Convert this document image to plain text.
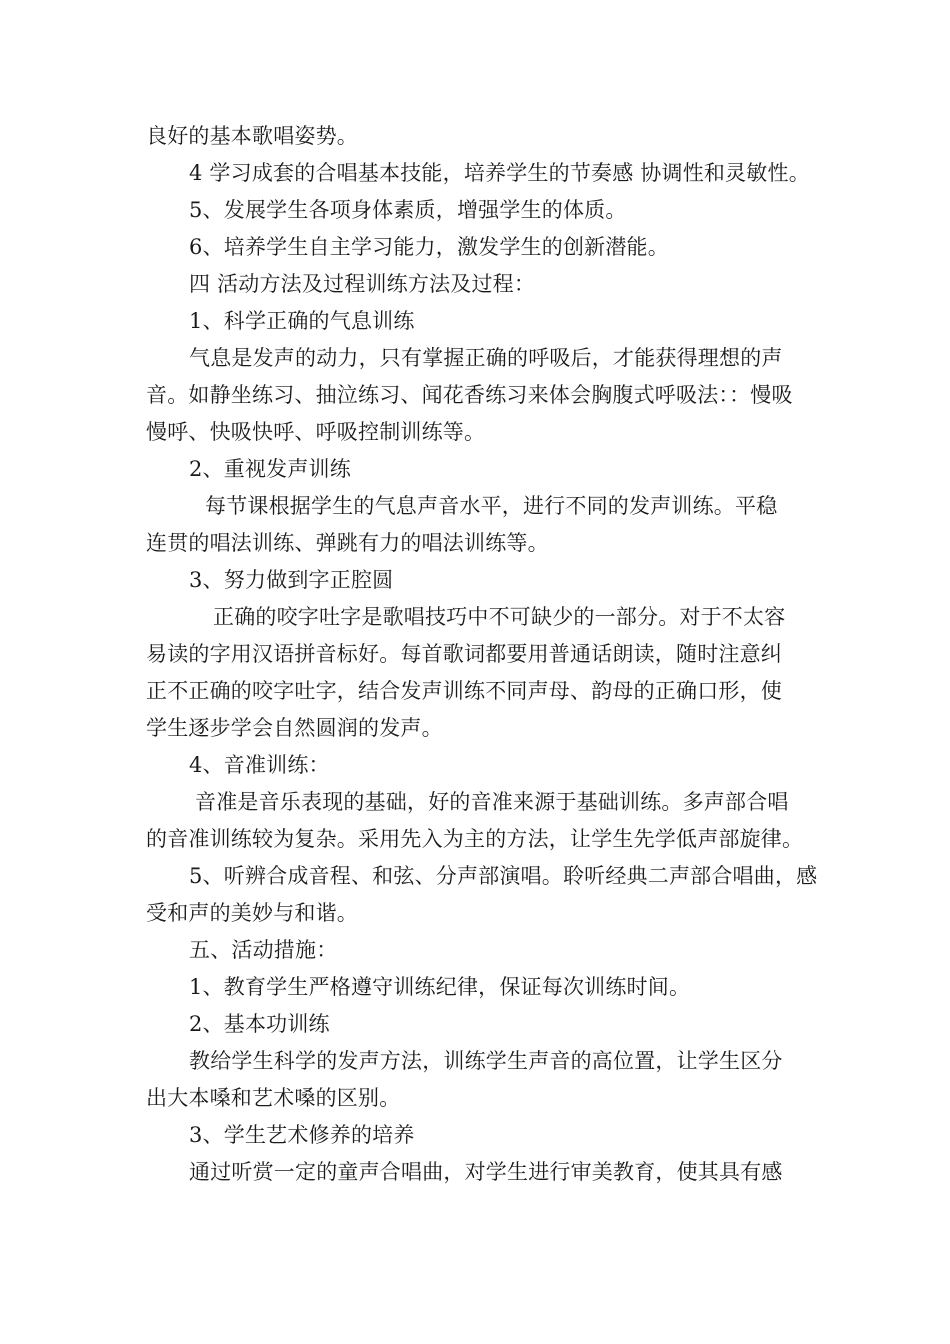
良好的基本歌唱姿势。
4 学习成套的合唱基本技能，培养学生的节奏感 协调性和灵敏性。
5、发展学生各项身体素质，增强学生的体质。
6、培养学生自主学习能力，激发学生的创新潜能。
四 活动方法及过程训练方法及过程：
1、科学正确的气息训练
气息是发声的动力，只有掌握正确的呼吸后，才能获得理想的声
音。如静坐练习、抽泣练习、闻花香练习来体会胸腹式呼吸法：：慢吸
慢呼、快吸快呼、呼吸控制训练等。
2、重视发声训练
每节课根据学生的气息声音水平，进行不同的发声训练。平稳
连贯的唱法训练、弹跳有力的唱法训练等。
3、努力做到字正腔圆
正确的咬字吐字是歌唱技巧中不可缺少的一部分。对于不太容
易读的字用汉语拼音标好。每首歌词都要用普通话朗读，随时注意纠
正不正确的咬字吐字，结合发声训练不同声母、韵母的正确口形，使
学生逐步学会自然圆润的发声。
4、音准训练：
音准是音乐表现的基础，好的音准来源于基础训练。多声部合唱
的音准训练较为复杂。采用先入为主的方法，让学生先学低声部旋律。
5、听辨合成音程、和弦、分声部演唱。聆听经典二声部合唱曲，感
受和声的美妙与和谐。
五、活动措施：
1、教育学生严格遵守训练纪律，保证每次训练时间。
2、基本功训练
教给学生科学的发声方法，训练学生声音的高位置，让学生区分
出大本嗓和艺术嗓的区别。
3、学生艺术修养的培养
通过听赏一定的童声合唱曲，对学生进行审美教育，使其具有感
